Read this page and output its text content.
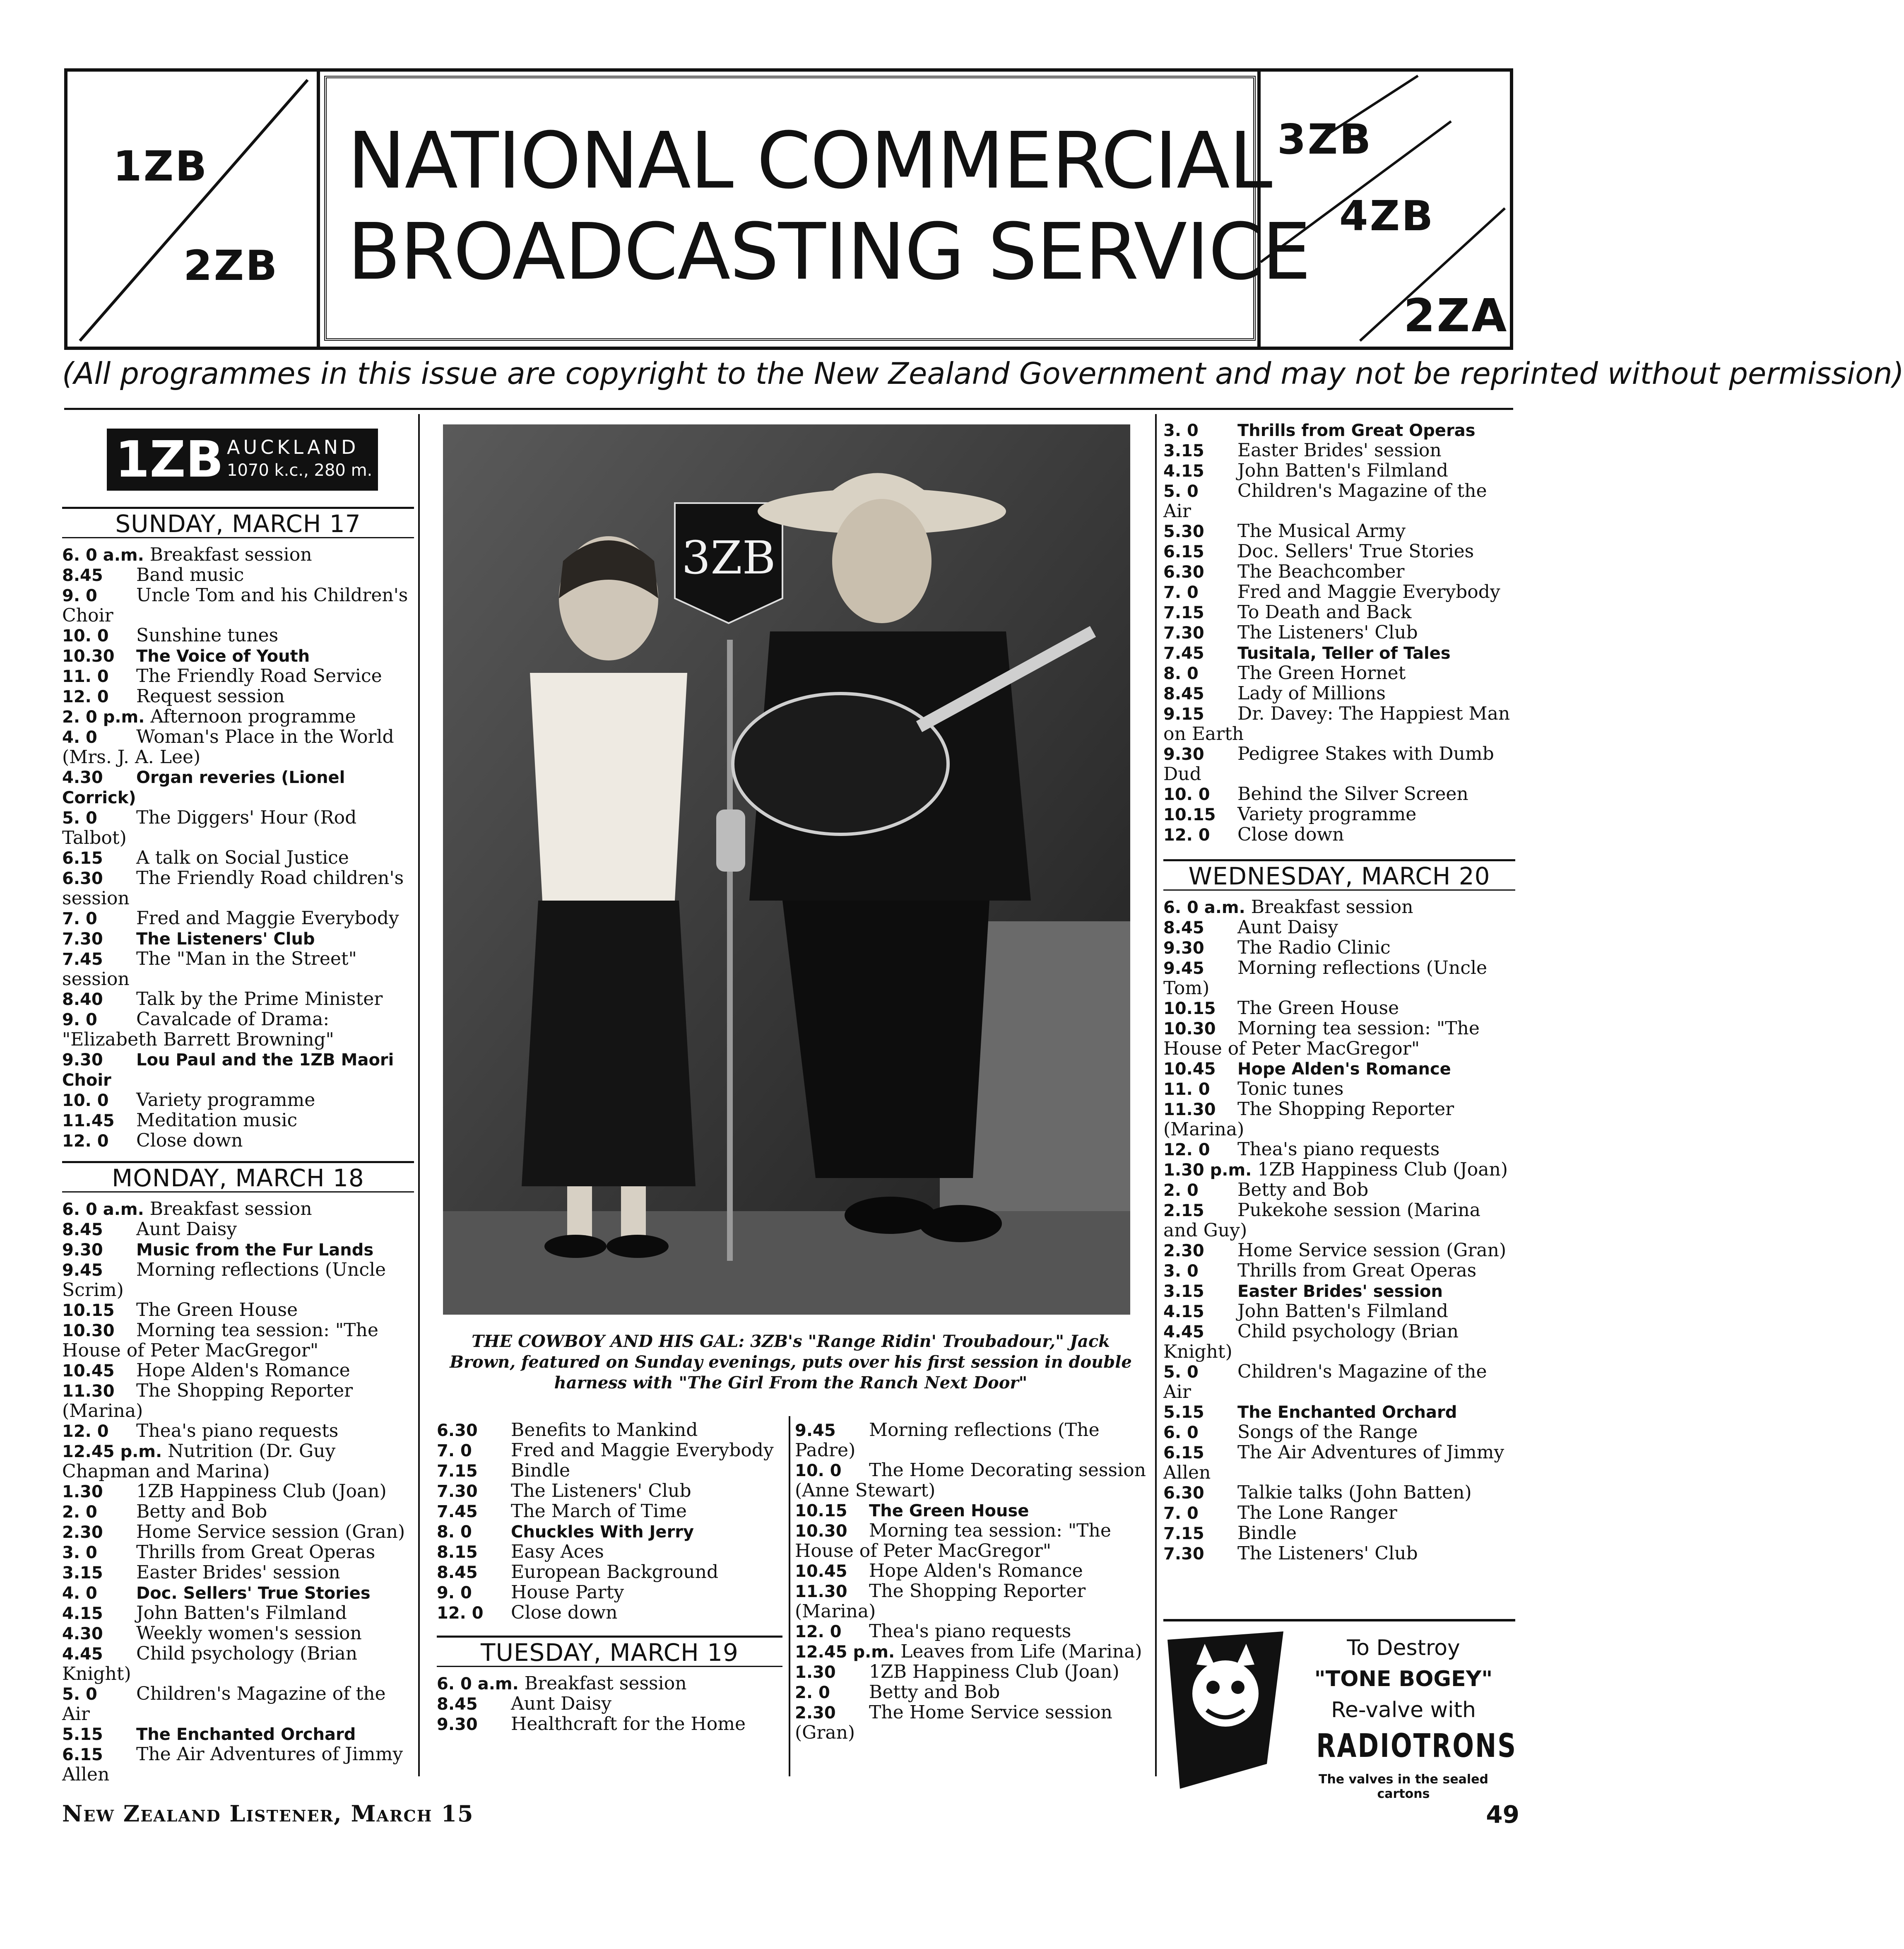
1ZB
2ZB
NATIONAL COMMERCIAL
BROADCASTING SERVICE
3ZB
4ZB
2ZA
(All programmes in this issue are copyright to the New Zealand Government and may not be reprinted without permission)
1ZB AUCKLAND
1070 k.c., 280 m.
SUNDAY, MARCH 17
6. 0 a.m. Breakfast session
8.45 Band music
9. 0 Uncle Tom and his Children's Choir
10. 0 Sunshine tunes
10.30 The Voice of Youth
11. 0 The Friendly Road Service
12. 0 Request session
2. 0 p.m. Afternoon programme
4. 0 Woman's Place in the World (Mrs. J. A. Lee)
4.30 Organ reveries (Lionel Corrick)
5. 0 The Diggers' Hour (Rod Talbot)
6.15 A talk on Social Justice
6.30 The Friendly Road children's session
7. 0 Fred and Maggie Everybody
7.30 The Listeners' Club
7.45 The "Man in the Street" session
8.40 Talk by the Prime Minister
9. 0 Cavalcade of Drama: "Elizabeth Barrett Browning"
9.30 Lou Paul and the 1ZB Maori Choir
10. 0 Variety programme
11.45 Meditation music
12. 0 Close down
MONDAY, MARCH 18
6. 0 a.m. Breakfast session
8.45 Aunt Daisy
9.30 Music from the Fur Lands
9.45 Morning reflections (Uncle Scrim)
10.15 The Green House
10.30 Morning tea session: "The House of Peter MacGregor"
10.45 Hope Alden's Romance
11.30 The Shopping Reporter (Marina)
12. 0 Thea's piano requests
12.45 p.m. Nutrition (Dr. Guy Chapman and Marina)
1.30 1ZB Happiness Club (Joan)
2. 0 Betty and Bob
2.30 Home Service session (Gran)
3. 0 Thrills from Great Operas
3.15 Easter Brides' session
4. 0 Doc. Sellers' True Stories
4.15 John Batten's Filmland
4.30 Weekly women's session
4.45 Child psychology (Brian Knight)
5. 0 Children's Magazine of the Air
5.15 The Enchanted Orchard
6.15 The Air Adventures of Jimmy Allen
3ZB
THE COWBOY AND HIS GAL: 3ZB's "Range Ridin' Troubadour," Jack Brown, featured on Sunday evenings, puts over his first session in double harness with "The Girl From the Ranch Next Door"
6.30 Benefits to Mankind
7. 0 Fred and Maggie Everybody
7.15 Bindle
7.30 The Listeners' Club
7.45 The March of Time
8. 0 Chuckles With Jerry
8.15 Easy Aces
8.45 European Background
9. 0 House Party
12. 0 Close down
TUESDAY, MARCH 19
6. 0 a.m. Breakfast session
8.45 Aunt Daisy
9.30 Healthcraft for the Home
9.45 Morning reflections (The Padre)
10. 0 The Home Decorating session (Anne Stewart)
10.15 The Green House
10.30 Morning tea session: "The House of Peter MacGregor"
10.45 Hope Alden's Romance
11.30 The Shopping Reporter (Marina)
12. 0 Thea's piano requests
12.45 p.m. Leaves from Life (Marina)
1.30 1ZB Happiness Club (Joan)
2. 0 Betty and Bob
2.30 The Home Service session (Gran)
3. 0 Thrills from Great Operas
3.15 Easter Brides' session
4.15 John Batten's Filmland
5. 0 Children's Magazine of the Air
5.30 The Musical Army
6.15 Doc. Sellers' True Stories
6.30 The Beachcomber
7. 0 Fred and Maggie Everybody
7.15 To Death and Back
7.30 The Listeners' Club
7.45 Tusitala, Teller of Tales
8. 0 The Green Hornet
8.45 Lady of Millions
9.15 Dr. Davey: The Happiest Man on Earth
9.30 Pedigree Stakes with Dumb Dud
10. 0 Behind the Silver Screen
10.15 Variety programme
12. 0 Close down
WEDNESDAY, MARCH 20
6. 0 a.m. Breakfast session
8.45 Aunt Daisy
9.30 The Radio Clinic
9.45 Morning reflections (Uncle Tom)
10.15 The Green House
10.30 Morning tea session: "The House of Peter MacGregor"
10.45 Hope Alden's Romance
11. 0 Tonic tunes
11.30 The Shopping Reporter (Marina)
12. 0 Thea's piano requests
1.30 p.m. 1ZB Happiness Club (Joan)
2. 0 Betty and Bob
2.15 Pukekohe session (Marina and Guy)
2.30 Home Service session (Gran)
3. 0 Thrills from Great Operas
3.15 Easter Brides' session
4.15 John Batten's Filmland
4.45 Child psychology (Brian Knight)
5. 0 Children's Magazine of the Air
5.15 The Enchanted Orchard
6. 0 Songs of the Range
6.15 The Air Adventures of Jimmy Allen
6.30 Talkie talks (John Batten)
7. 0 The Lone Ranger
7.15 Bindle
7.30 The Listeners' Club
To Destroy
"TONE BOGEY"
Re-valve with
RADIOTRONS
The valves in the sealed cartons
New Zealand Listener, March 15	49
